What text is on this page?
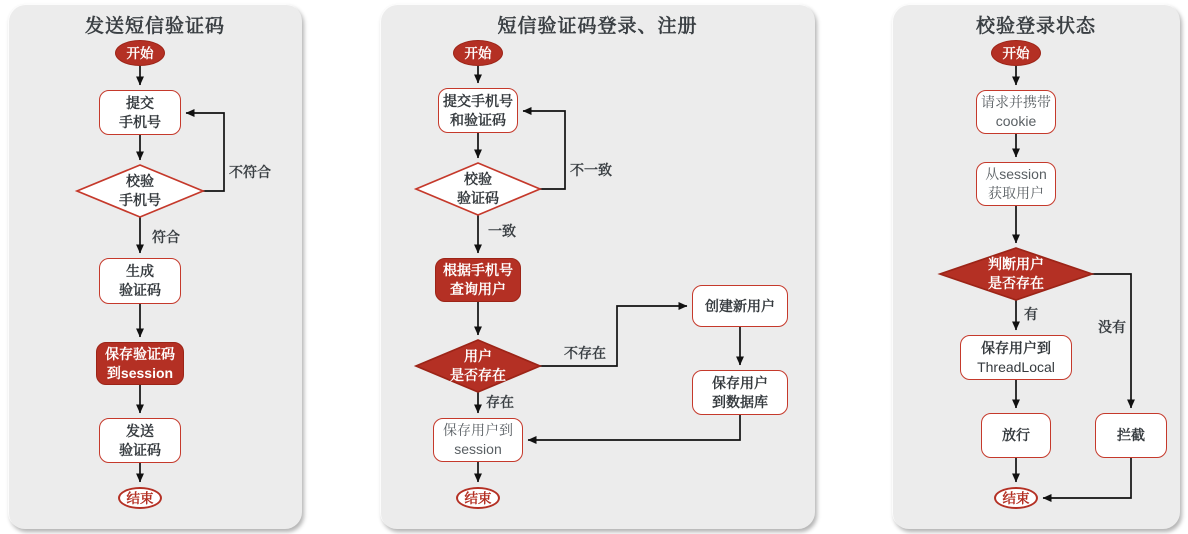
发送短信验证码
开始
提交
手机号
校验
手机号
生成
验证码
保存验证码
到session
发送
验证码
结束
不符合
符合
短信验证码登录、注册
开始
提交手机号
和验证码
校验
验证码
根据手机号
查询用户
用户
是否存在
创建新用户
保存用户
到数据库
保存用户到
session
结束
不一致
一致
不存在
存在
校验登录状态
开始
请求并携带
cookie
从session
获取用户
判断用户
是否存在
保存用户到
ThreadLocal
放行	拦截
结束
有
没有
